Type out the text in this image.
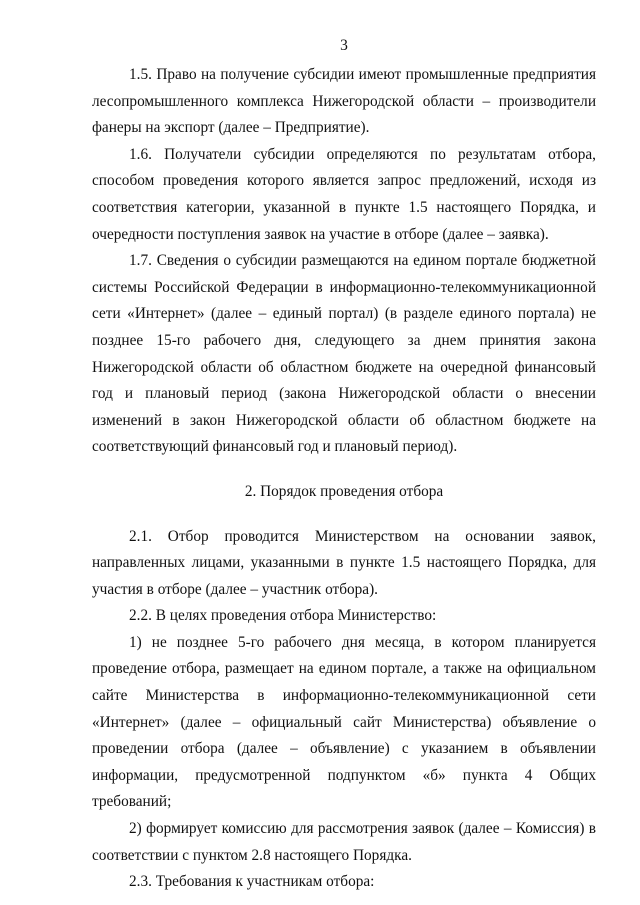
3

1.5. Право на получение субсидии имеют промышленные предприятия лесопромышленного комплекса Нижегородской области – производители фанеры на экспорт (далее – Предприятие).

1.6. Получатели субсидии определяются по результатам отбора, способом проведения которого является запрос предложений, исходя из соответствия категории, указанной в пункте 1.5 настоящего Порядка, и очередности поступления заявок на участие в отборе (далее – заявка).

1.7. Сведения о субсидии размещаются на едином портале бюджетной системы Российской Федерации в информационно-телекоммуникационной сети «Интернет» (далее – единый портал) (в разделе единого портала) не позднее 15-го рабочего дня, следующего за днем принятия закона Нижегородской области об областном бюджете на очередной финансовый год и плановый период (закона Нижегородской области о внесении изменений в закон Нижегородской области об областном бюджете на соответствующий финансовый год и плановый период).

2. Порядок проведения отбора

2.1. Отбор проводится Министерством на основании заявок, направленных лицами, указанными в пункте 1.5 настоящего Порядка, для участия в отборе (далее – участник отбора).

2.2. В целях проведения отбора Министерство:

1) не позднее 5-го рабочего дня месяца, в котором планируется проведение отбора, размещает на едином портале, а также на официальном сайте Министерства в информационно-телекоммуникационной сети «Интернет» (далее – официальный сайт Министерства) объявление о проведении отбора (далее – объявление) с указанием в объявлении информации, предусмотренной подпунктом «б» пункта 4 Общих требований;

2) формирует комиссию для рассмотрения заявок (далее – Комиссия) в соответствии с пунктом 2.8 настоящего Порядка.

2.3. Требования к участникам отбора:
